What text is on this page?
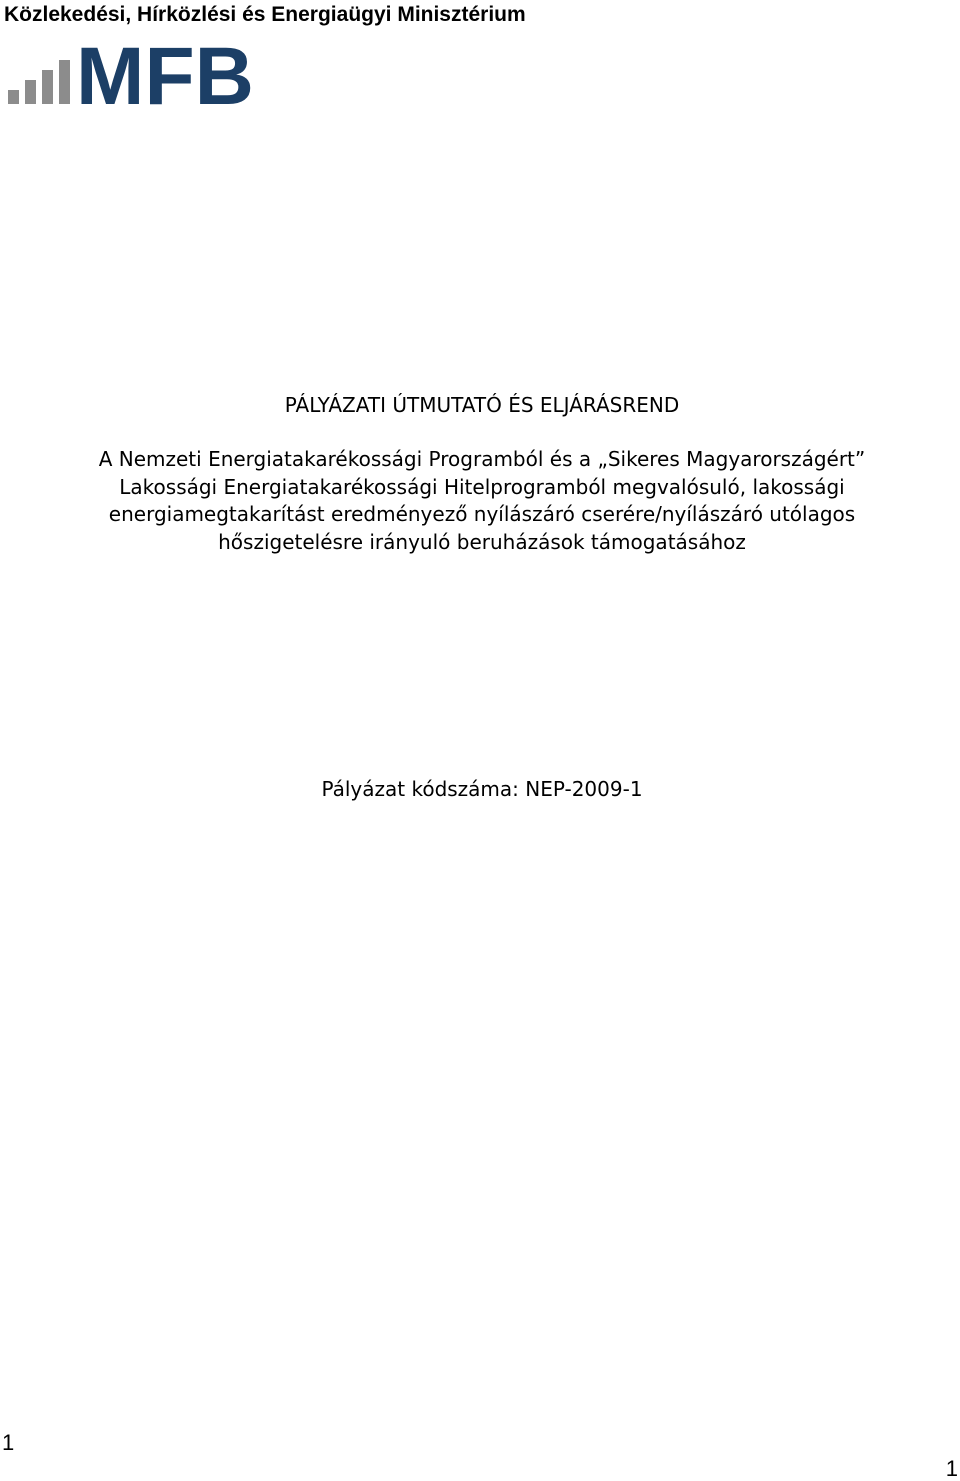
Közlekedési, Hírközlési és Energiaügyi Minisztérium
MFB
PÁLYÁZATI ÚTMUTATÓ ÉS ELJÁRÁSREND
A Nemzeti Energiatakarékossági Programból és a „Sikeres Magyarországért”
Lakossági Energiatakarékossági Hitelprogramból megvalósuló, lakossági
energiamegtakarítást eredményező nyílászáró cserére/nyílászáró utólagos
hőszigetelésre irányuló beruházások támogatásához
Pályázat kódszáma: NEP-2009-1
1
1
